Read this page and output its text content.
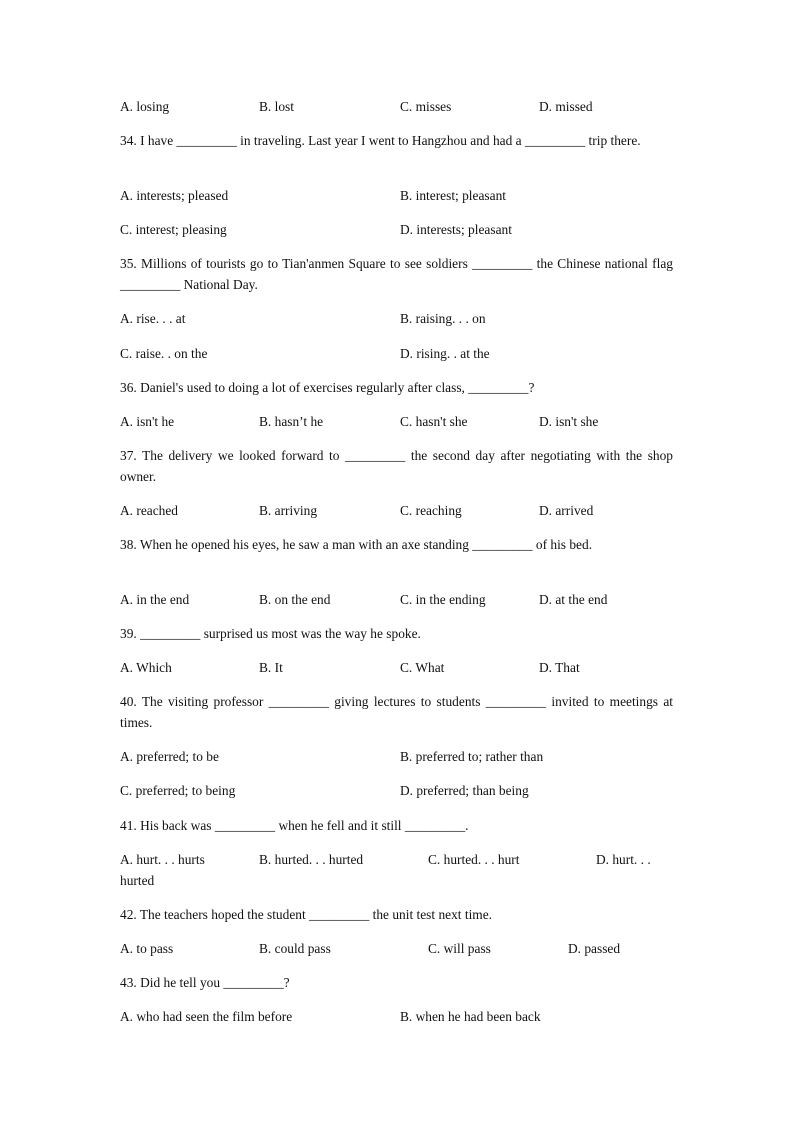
A. losing	B. lost	C. misses	D. missed
34. I have _________ in traveling. Last year I went to Hangzhou and had a _________ trip there.
A. interests; pleased	B. interest; pleasant
C. interest; pleasing	D. interests; pleasant
35. Millions of tourists go to Tian'anmen Square to see soldiers _________ the Chinese national flag _________ National Day.
A. rise. . . at	B. raising. . . on
C. raise. . on the	D. rising. . at the
36. Daniel's used to doing a lot of exercises regularly after class, _________?
A. isn't he	B. hasn’t he	C. hasn't she	D. isn't she
37. The delivery we looked forward to _________ the second day after negotiating with the shop owner.
A. reached	B. arriving	C. reaching	D. arrived
38. When he opened his eyes, he saw a man with an axe standing _________ of his bed.
A. in the end	B. on the end	C. in the ending	D. at the end
39. _________ surprised us most was the way he spoke.
A. Which	B. It	C. What	D. That
40. The visiting professor _________ giving lectures to students _________ invited to meetings at times.
A. preferred; to be	B. preferred to; rather than
C. preferred; to being	D. preferred; than being
41. His back was _________ when he fell and it still _________.
A. hurt. . . hurts	B. hurted. . . hurted	C. hurted. . . hurt	D. hurt. . .
hurted
42. The teachers hoped the student _________ the unit test next time.
A. to pass	B. could pass	C. will pass	D. passed
43. Did he tell you _________?
A. who had seen the film before	B. when he had been back
